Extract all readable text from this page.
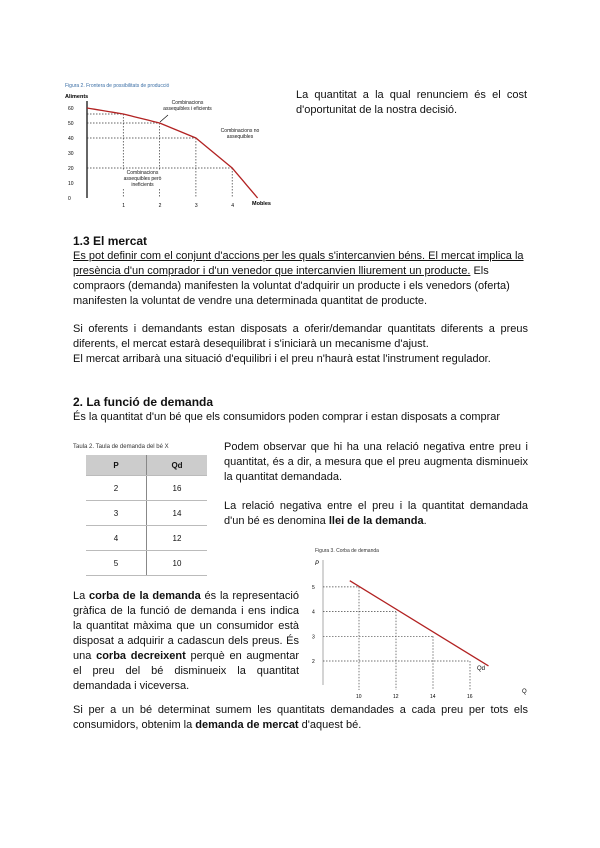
Figura 2. Frontera de possibilitats de producció
Aliments
60
50
40
30
20
10
0
1	2	3	4	Mobles
Combinacions assequibles i eficients
Combinacions no assequibles
Combinacions assequibles però ineficients

La quantitat a la qual renunciem és el cost d'oportunitat de la nostra decisió.

1.3 El mercat

Es pot definir com el conjunt d'accions per les quals s'intercanvien béns. El mercat implica la presència d'un comprador i d'un venedor que intercanvien lliurement un producte. Els compraors (demanda) manifesten la voluntat d'adquirir un producte i els venedors (oferta) manifesten la voluntat de vendre una determinada quantitat de producte.

Si oferents i demandants estan disposats a oferir/demandar quantitats diferents a preus diferents, el mercat estarà desequilibrat i s'iniciarà un mecanisme d'ajust.

El mercat arribarà una situació d'equilibri i el preu n'haurà estat l'instrument regulador.

2. La funció de demanda

És la quantitat d'un bé que els consumidors poden comprar i estan disposats a comprar

Taula 2. Taula de demanda del bé X
P	Qd
2	16
3	14
4	12
5	10

Podem observar que hi ha una relació negativa entre preu i quantitat, és a dir, a mesura que el preu augmenta disminueix la quantitat demandada.

La relació negativa entre el preu i la quantitat demandada d'un bé es denomina llei de la demanda.

Figura 3. Corba de demanda
P
5
4
3
2
10	12	14	16
Qd
Q

La corba de la demanda és la representació gràfica de la funció de demanda i ens indica la quantitat màxima que un consumidor està disposat a adquirir a cadascun dels preus. És una corba decreixent perquè en augmentar el preu del bé disminueix la quantitat demandada i viceversa.

Si per a un bé determinat sumem les quantitats demandades a cada preu per tots els consumidors, obtenim la demanda de mercat d'aquest bé.
